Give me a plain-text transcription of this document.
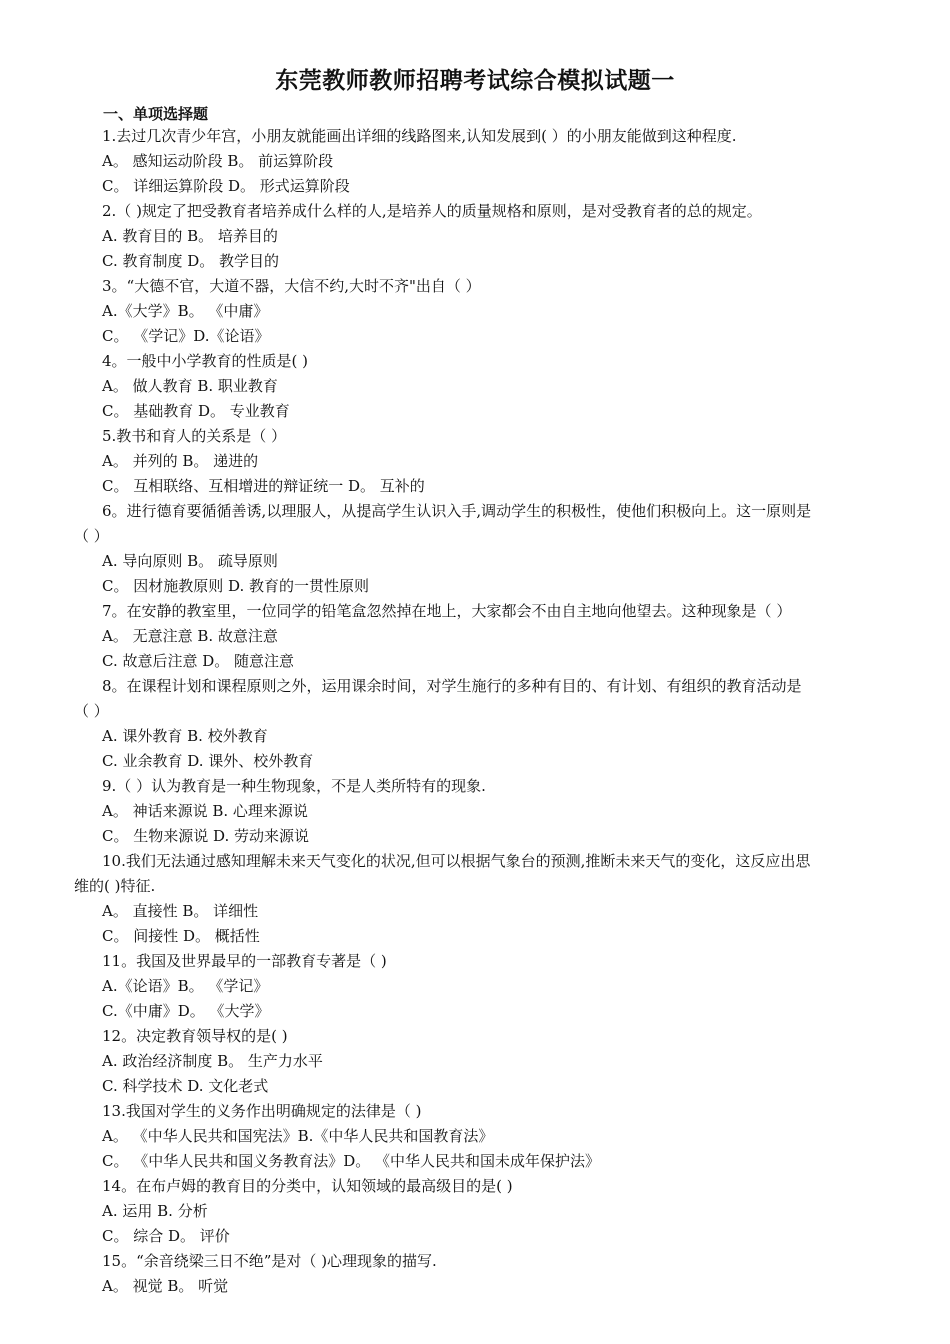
东莞教师教师招聘考试综合模拟试题一
一、单项选择题

1.去过几次青少年宫，小朋友就能画出详细的线路图来,认知发展到( ）的小朋友能做到这种程度.

A。 感知运动阶段 B。 前运算阶段

C。 详细运算阶段 D。 形式运算阶段

2.（ )规定了把受教育者培养成什么样的人,是培养人的质量规格和原则，是对受教育者的总的规定。

A. 教育目的 B。 培养目的

C. 教育制度 D。 教学目的

3。“大德不官，大道不器，大信不约,大时不齐"出自（ ）

A.《大学》B。 《中庸》

C。 《学记》D.《论语》

4。一般中小学教育的性质是( )

A。 做人教育 B. 职业教育

C。 基础教育 D。 专业教育

5.教书和育人的关系是（ ）

A。 并列的 B。 递进的

C。 互相联络、互相增进的辩证统一 D。 互补的

6。进行德育要循循善诱,以理服人，从提高学生认识入手,调动学生的积极性，使他们积极向上。这一原则是

（ ）

A. 导向原则 B。 疏导原则

C。 因材施教原则 D. 教育的一贯性原则

7。在安静的教室里，一位同学的铅笔盒忽然掉在地上，大家都会不由自主地向他望去。这种现象是（ ）

A。 无意注意 B. 故意注意

C. 故意后注意 D。 随意注意

8。在课程计划和课程原则之外，运用课余时间，对学生施行的多种有目的、有计划、有组织的教育活动是

（ ）

A. 课外教育 B. 校外教育

C. 业余教育 D. 课外、校外教育

9.（ ）认为教育是一种生物现象，不是人类所特有的现象.

A。 神话来源说 B. 心理来源说

C。 生物来源说 D. 劳动来源说

10.我们无法通过感知理解未来天气变化的状况,但可以根据气象台的预测,推断未来天气的变化，这反应出思

维的( )特征.

A。 直接性 B。 详细性

C。 间接性 D。 概括性

11。我国及世界最早的一部教育专著是（ )

A.《论语》B。 《学记》

C.《中庸》D。 《大学》

12。决定教育领导权的是( )

A. 政治经济制度 B。 生产力水平

C. 科学技术 D. 文化老式

13.我国对学生的义务作出明确规定的法律是（ )

A。 《中华人民共和国宪法》B.《中华人民共和国教育法》

C。 《中华人民共和国义务教育法》D。 《中华人民共和国未成年保护法》

14。在布卢姆的教育目的分类中，认知领域的最高级目的是( )

A. 运用 B. 分析

C。 综合 D。 评价

15。“余音绕梁三日不绝”是对（ )心理现象的描写.

A。 视觉 B。 听觉
